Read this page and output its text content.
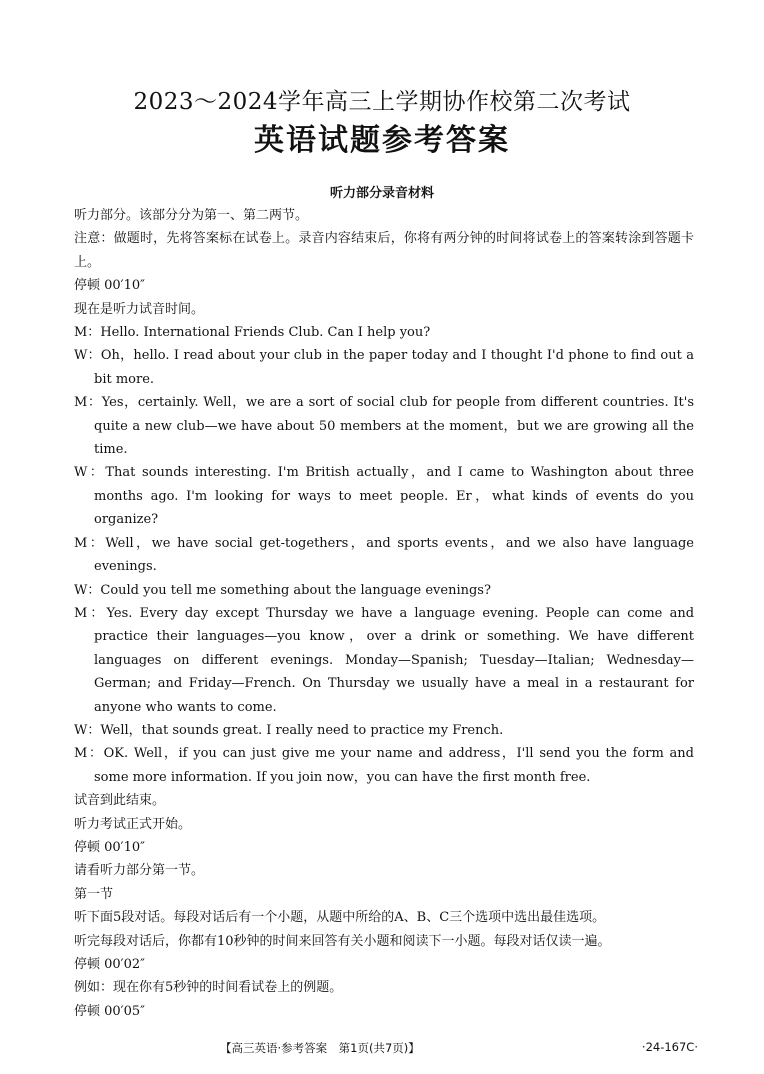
2023～2024学年高三上学期协作校第二次考试
英语试题参考答案
听力部分录音材料
听力部分。该部分分为第一、第二两节。
注意：做题时，先将答案标在试卷上。录音内容结束后，你将有两分钟的时间将试卷上的答案转涂到答题卡上。
停顿 00′10″
现在是听力试音时间。
M：Hello. International Friends Club. Can I help you?
W：Oh，hello. I read about your club in the paper today and I thought I'd phone to find out a bit more.
M：Yes，certainly. Well，we are a sort of social club for people from different countries. It's quite a new club—we have about 50 members at the moment，but we are growing all the time.
W：That sounds interesting. I'm British actually，and I came to Washington about three months ago. I'm looking for ways to meet people. Er，what kinds of events do you organize?
M：Well，we have social get-togethers，and sports events，and we also have language evenings.
W：Could you tell me something about the language evenings?
M：Yes. Every day except Thursday we have a language evening. People can come and practice their languages—you know，over a drink or something. We have different languages on different evenings. Monday—Spanish; Tuesday—Italian; Wednesday—German; and Friday—French. On Thursday we usually have a meal in a restaurant for anyone who wants to come.
W：Well，that sounds great. I really need to practice my French.
M：OK. Well，if you can just give me your name and address，I'll send you the form and some more information. If you join now，you can have the first month free.
试音到此结束。
听力考试正式开始。
停顿 00′10″
请看听力部分第一节。
第一节
听下面5段对话。每段对话后有一个小题，从题中所给的A、B、C三个选项中选出最佳选项。
听完每段对话后，你都有10秒钟的时间来回答有关小题和阅读下一小题。每段对话仅读一遍。
停顿 00′02″
例如：现在你有5秒钟的时间看试卷上的例题。
停顿 00′05″
【高三英语·参考答案　第1页(共7页)】	·24-167C·
